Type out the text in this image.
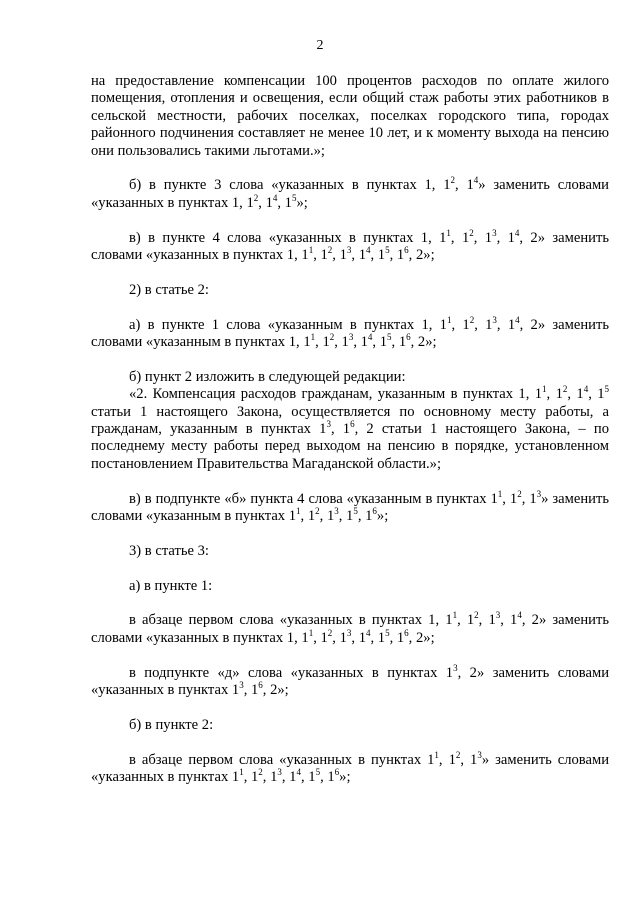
2

на предоставление компенсации 100 процентов расходов по оплате жилого помещения, отопления и освещения, если общий стаж работы этих работников в сельской местности, рабочих поселках, поселках городского типа, городах районного подчинения составляет не менее 10 лет, и к моменту выхода на пенсию они пользовались такими льготами.»;

б) в пункте 3 слова «указанных в пунктах 1, $1^2$, $1^4$» заменить словами «указанных в пунктах 1, $1^2$, $1^4$, $1^5$»;

в) в пункте 4 слова «указанных в пунктах 1, $1^1$, $1^2$, $1^3$, $1^4$, 2» заменить словами «указанных в пунктах 1, $1^1$, $1^2$, $1^3$, $1^4$, $1^5$, $1^6$, 2»;

2) в статье 2:

а) в пункте 1 слова «указанным в пунктах 1, $1^1$, $1^2$, $1^3$, $1^4$, 2» заменить словами «указанным в пунктах 1, $1^1$, $1^2$, $1^3$, $1^4$, $1^5$, $1^6$, 2»;

б) пункт 2 изложить в следующей редакции:

«2. Компенсация расходов гражданам, указанным в пунктах 1, $1^1$, $1^2$, $1^4$, $1^5$ статьи 1 настоящего Закона, осуществляется по основному месту работы, а гражданам, указанным в пунктах $1^3$, $1^6$, 2 статьи 1 настоящего Закона, – по последнему месту работы перед выходом на пенсию в порядке, установленном постановлением Правительства Магаданской области.»;

в) в подпункте «б» пункта 4 слова «указанным в пунктах $1^1$, $1^2$, $1^3$» заменить словами «указанным в пунктах $1^1$, $1^2$, $1^3$, $1^5$, $1^6$»;

3) в статье 3:

а) в пункте 1:

в абзаце первом слова «указанных в пунктах 1, $1^1$, $1^2$, $1^3$, $1^4$, 2» заменить словами «указанных в пунктах 1, $1^1$, $1^2$, $1^3$, $1^4$, $1^5$, $1^6$, 2»;

в подпункте «д» слова «указанных в пунктах $1^3$, 2» заменить словами «указанных в пунктах $1^3$, $1^6$, 2»;

б) в пункте 2:

в абзаце первом слова «указанных в пунктах $1^1$, $1^2$, $1^3$» заменить словами «указанных в пунктах $1^1$, $1^2$, $1^3$, $1^4$, $1^5$, $1^6$»;
